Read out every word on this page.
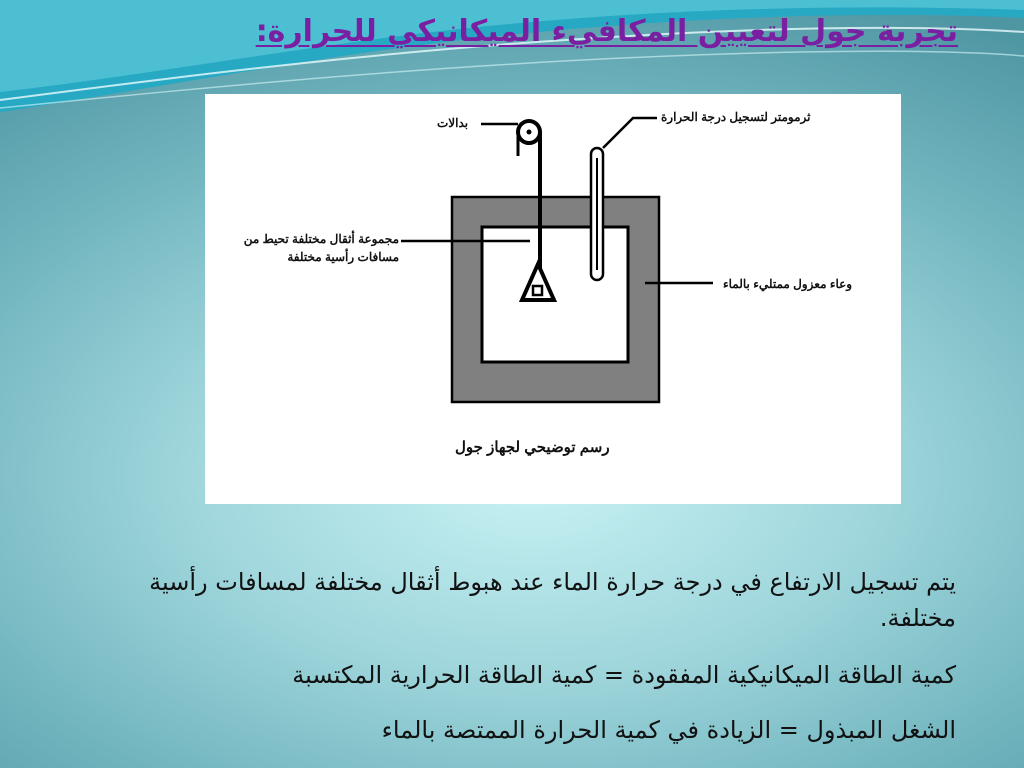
تجربة جول لتعيين المكافيء الميكانيكي للحرارة:
بدالات	ثرمومتر لتسجيل درجة الحرارة
مجموعة أثقال مختلفة تحيط من مسافات رأسية مختلفة
وعاء معزول ممتليء بالماء
رسم توضيحي لجهاز جول
يتم تسجيل الارتفاع في درجة حرارة الماء عند هبوط أثقال مختلفة لمسافات رأسية مختلفة.
كمية الطاقة الميكانيكية المفقودة = كمية الطاقة الحرارية المكتسبة
الشغل المبذول = الزيادة في كمية الحرارة الممتصة بالماء
